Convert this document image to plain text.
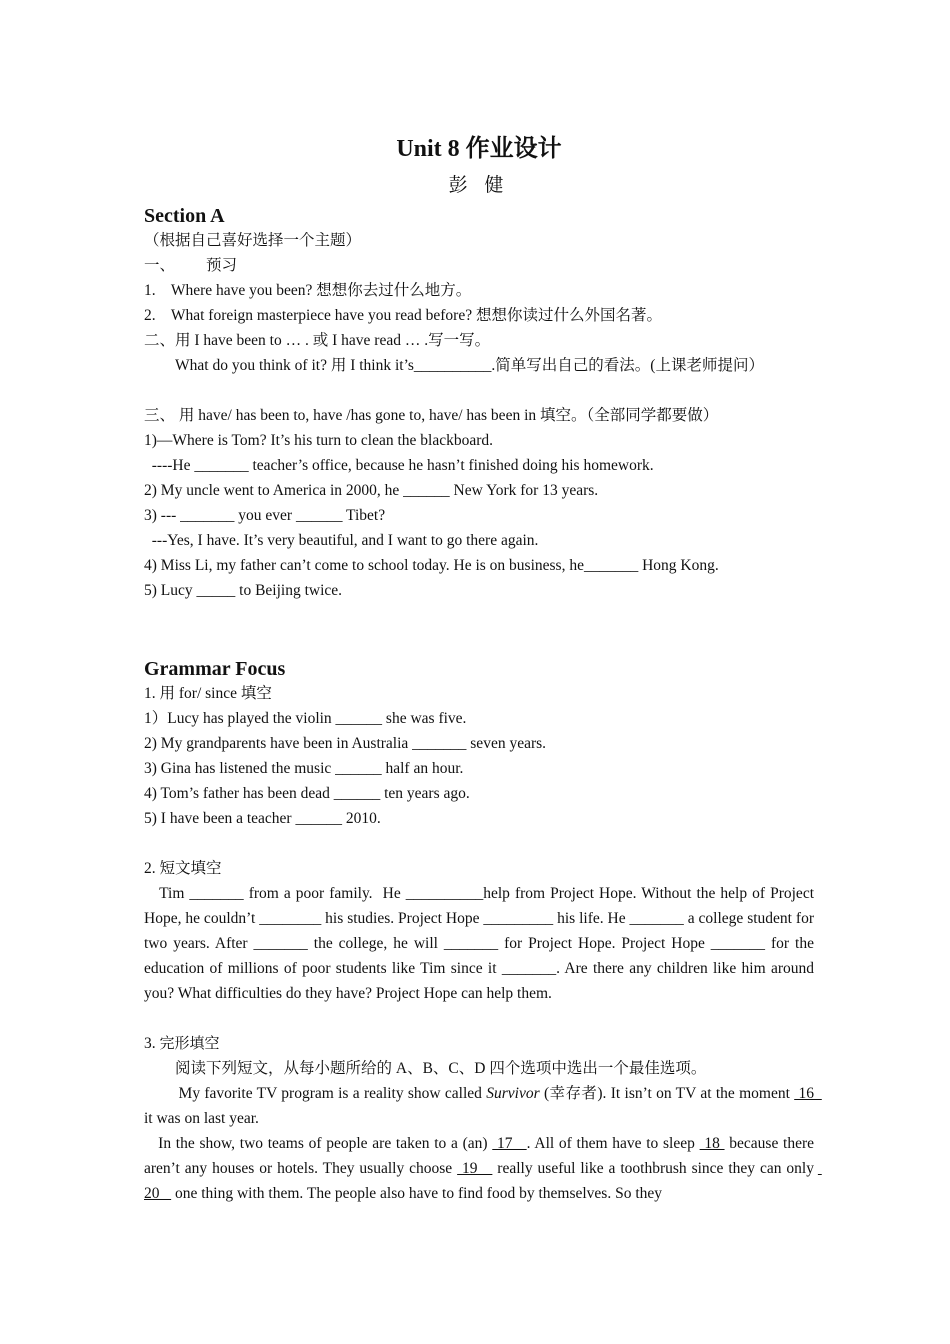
Unit 8 作业设计
彭 健
Section A
（根据自己喜好选择一个主题）
一、        预习
1.    Where have you been? 想想你去过什么地方。
2.    What foreign masterpiece have you read before? 想想你读过什么外国名著。
二、用 I have been to … . 或 I have read … .写一写。
What do you think of it? 用 I think it’s__________.简单写出自己的看法。(上课老师提问）
三、 用 have/ has been to, have /has gone to, have/ has been in 填空。（全部同学都要做）
1)—Where is Tom? It’s his turn to clean the blackboard.
----He _______ teacher’s office, because he hasn’t finished doing his homework.
2) My uncle went to America in 2000, he ______ New York for 13 years.
3) --- _______ you ever ______ Tibet?
---Yes, I have. It’s very beautiful, and I want to go there again.
4) Miss Li, my father can’t come to school today. He is on business, he_______ Hong Kong.
5) Lucy _____ to Beijing twice.
Grammar Focus
1. 用 for/ since 填空
1）Lucy has played the violin ______ she was five.
2) My grandparents have been in Australia _______ seven years.
3) Gina has listened the music ______ half an hour.
4) Tom’s father has been dead ______ ten years ago.
5) I have been a teacher ______ 2010.
2. 短文填空
Tim _______ from a poor family.  He __________help from Project Hope. Without the help of Project Hope, he couldn’t ________ his studies. Project Hope _________ his life. He _______ a college student for two years. After _______ the college, he will _______ for Project Hope. Project Hope _______ for the education of millions of poor students like Tim since it _______. Are there any children like him around you? What difficulties do they have? Project Hope can help them.
3. 完形填空
阅读下列短文，从每小题所给的 A、B、C、D 四个选项中选出一个最佳选项。
My favorite TV program is a reality show called Survivor (幸存者). It isn’t on TV at the moment  16   it was on last year.
In the show, two teams of people are taken to a (an)  17   . All of them have to sleep  18  because there aren’t any houses or hotels. They usually choose  19    really useful like a toothbrush since they can only  20    one thing with them. The people also have to find food by themselves. So they
